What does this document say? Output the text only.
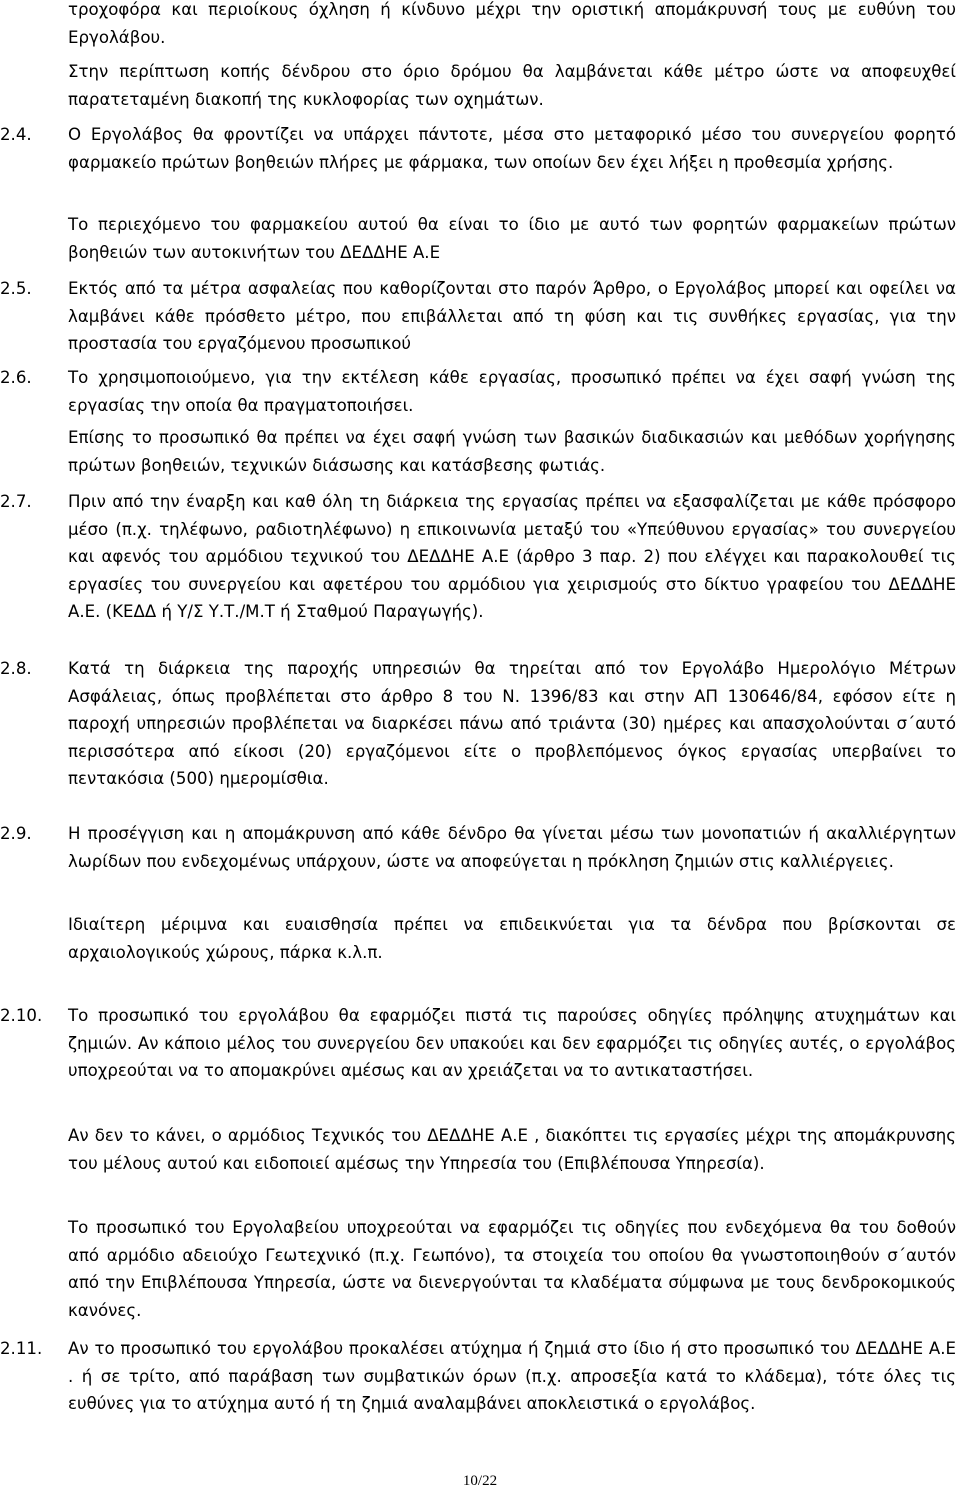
τροχοφόρα και περιοίκους όχληση ή κίνδυνο μέχρι την οριστική απομάκρυνσή τους με ευθύνη του Εργολάβου.

Στην περίπτωση κοπής δένδρου στο όριο δρόμου θα λαμβάνεται κάθε μέτρο ώστε να αποφευχθεί παρατεταμένη διακοπή της κυκλοφορίας των οχημάτων.

2.4.	Ο Εργολάβος θα φροντίζει να υπάρχει πάντοτε, μέσα στο μεταφορικό μέσο του συνεργείου φορητό φαρμακείο πρώτων βοηθειών πλήρες με φάρμακα, των οποίων δεν έχει λήξει η προθεσμία χρήσης.

Το περιεχόμενο του φαρμακείου αυτού θα είναι το ίδιο με αυτό των φορητών φαρμακείων πρώτων βοηθειών των αυτοκινήτων του ΔΕΔΔΗΕ Α.Ε

2.5.	Εκτός από τα μέτρα ασφαλείας που καθορίζονται στο παρόν Άρθρο, ο Εργολάβος μπορεί και οφείλει να λαμβάνει κάθε πρόσθετο μέτρο, που επιβάλλεται από τη φύση και τις συνθήκες εργασίας, για την προστασία του εργαζόμενου προσωπικού

2.6.	Το χρησιμοποιούμενο, για την εκτέλεση κάθε εργασίας, προσωπικό πρέπει να έχει σαφή γνώση της εργασίας την οποία θα πραγματοποιήσει.

Επίσης το προσωπικό θα πρέπει να έχει σαφή γνώση των βασικών διαδικασιών και μεθόδων χορήγησης πρώτων βοηθειών, τεχνικών διάσωσης και κατάσβεσης φωτιάς.

2.7.	Πριν από την έναρξη και καθ όλη τη διάρκεια της εργασίας πρέπει να εξασφαλίζεται με κάθε πρόσφορο μέσο (π.χ. τηλέφωνο, ραδιοτηλέφωνο) η επικοινωνία μεταξύ του «Υπεύθυνου εργασίας» του συνεργείου και αφενός του αρμόδιου τεχνικού του ΔΕΔΔΗΕ Α.Ε (άρθρο 3 παρ. 2) που ελέγχει και παρακολουθεί τις εργασίες του συνεργείου και αφετέρου του αρμόδιου για χειρισμούς στο δίκτυο γραφείου του ΔΕΔΔΗΕ Α.Ε. (ΚΕΔΔ ή Υ/Σ Υ.Τ./Μ.Τ ή Σταθμού Παραγωγής).

2.8.	Κατά τη διάρκεια της παροχής υπηρεσιών θα τηρείται από τον Εργολάβο Ημερολόγιο Μέτρων Ασφάλειας, όπως προβλέπεται στο άρθρο 8 του Ν. 1396/83 και στην ΑΠ 130646/84, εφόσον είτε η παροχή υπηρεσιών προβλέπεται να διαρκέσει πάνω από τριάντα (30) ημέρες και απασχολούνται σ΄αυτό περισσότερα από είκοσι (20) εργαζόμενοι είτε ο προβλεπόμενος όγκος εργασίας υπερβαίνει το πεντακόσια (500) ημερομίσθια.

2.9.	Η προσέγγιση και η απομάκρυνση από κάθε δένδρο θα γίνεται μέσω των μονοπατιών ή ακαλλιέργητων λωρίδων που ενδεχομένως υπάρχουν, ώστε να αποφεύγεται η πρόκληση ζημιών στις καλλιέργειες.

Ιδιαίτερη μέριμνα και ευαισθησία πρέπει να επιδεικνύεται για τα δένδρα που βρίσκονται σε αρχαιολογικούς χώρους, πάρκα κ.λ.π.

2.10.	Το προσωπικό του εργολάβου θα εφαρμόζει πιστά τις παρούσες οδηγίες πρόληψης ατυχημάτων και ζημιών. Αν κάποιο μέλος του συνεργείου δεν υπακούει και δεν εφαρμόζει τις οδηγίες αυτές, ο εργολάβος υποχρεούται να το απομακρύνει αμέσως και αν χρειάζεται να το αντικαταστήσει.

Αν δεν το κάνει, ο αρμόδιος Τεχνικός του ΔΕΔΔΗΕ Α.Ε , διακόπτει τις εργασίες μέχρι της απομάκρυνσης του μέλους αυτού και ειδοποιεί αμέσως την Υπηρεσία του (Επιβλέπουσα Υπηρεσία).

Το προσωπικό του Εργολαβείου υποχρεούται να εφαρμόζει τις οδηγίες που ενδεχόμενα θα του δοθούν από αρμόδιο αδειούχο Γεωτεχνικό (π.χ. Γεωπόνο), τα στοιχεία του οποίου θα γνωστοποιηθούν σ΄αυτόν από την Επιβλέπουσα Υπηρεσία, ώστε να διενεργούνται τα κλαδέματα σύμφωνα με τους δενδροκομικούς κανόνες.

2.11.	Αν το προσωπικό του εργολάβου προκαλέσει ατύχημα ή ζημιά στο ίδιο ή στο προσωπικό του ΔΕΔΔΗΕ Α.Ε . ή σε τρίτο, από παράβαση των συμβατικών όρων (π.χ. απροσεξία κατά το κλάδεμα), τότε όλες τις ευθύνες για το ατύχημα αυτό ή τη ζημιά αναλαμβάνει αποκλειστικά ο εργολάβος.

10/22
